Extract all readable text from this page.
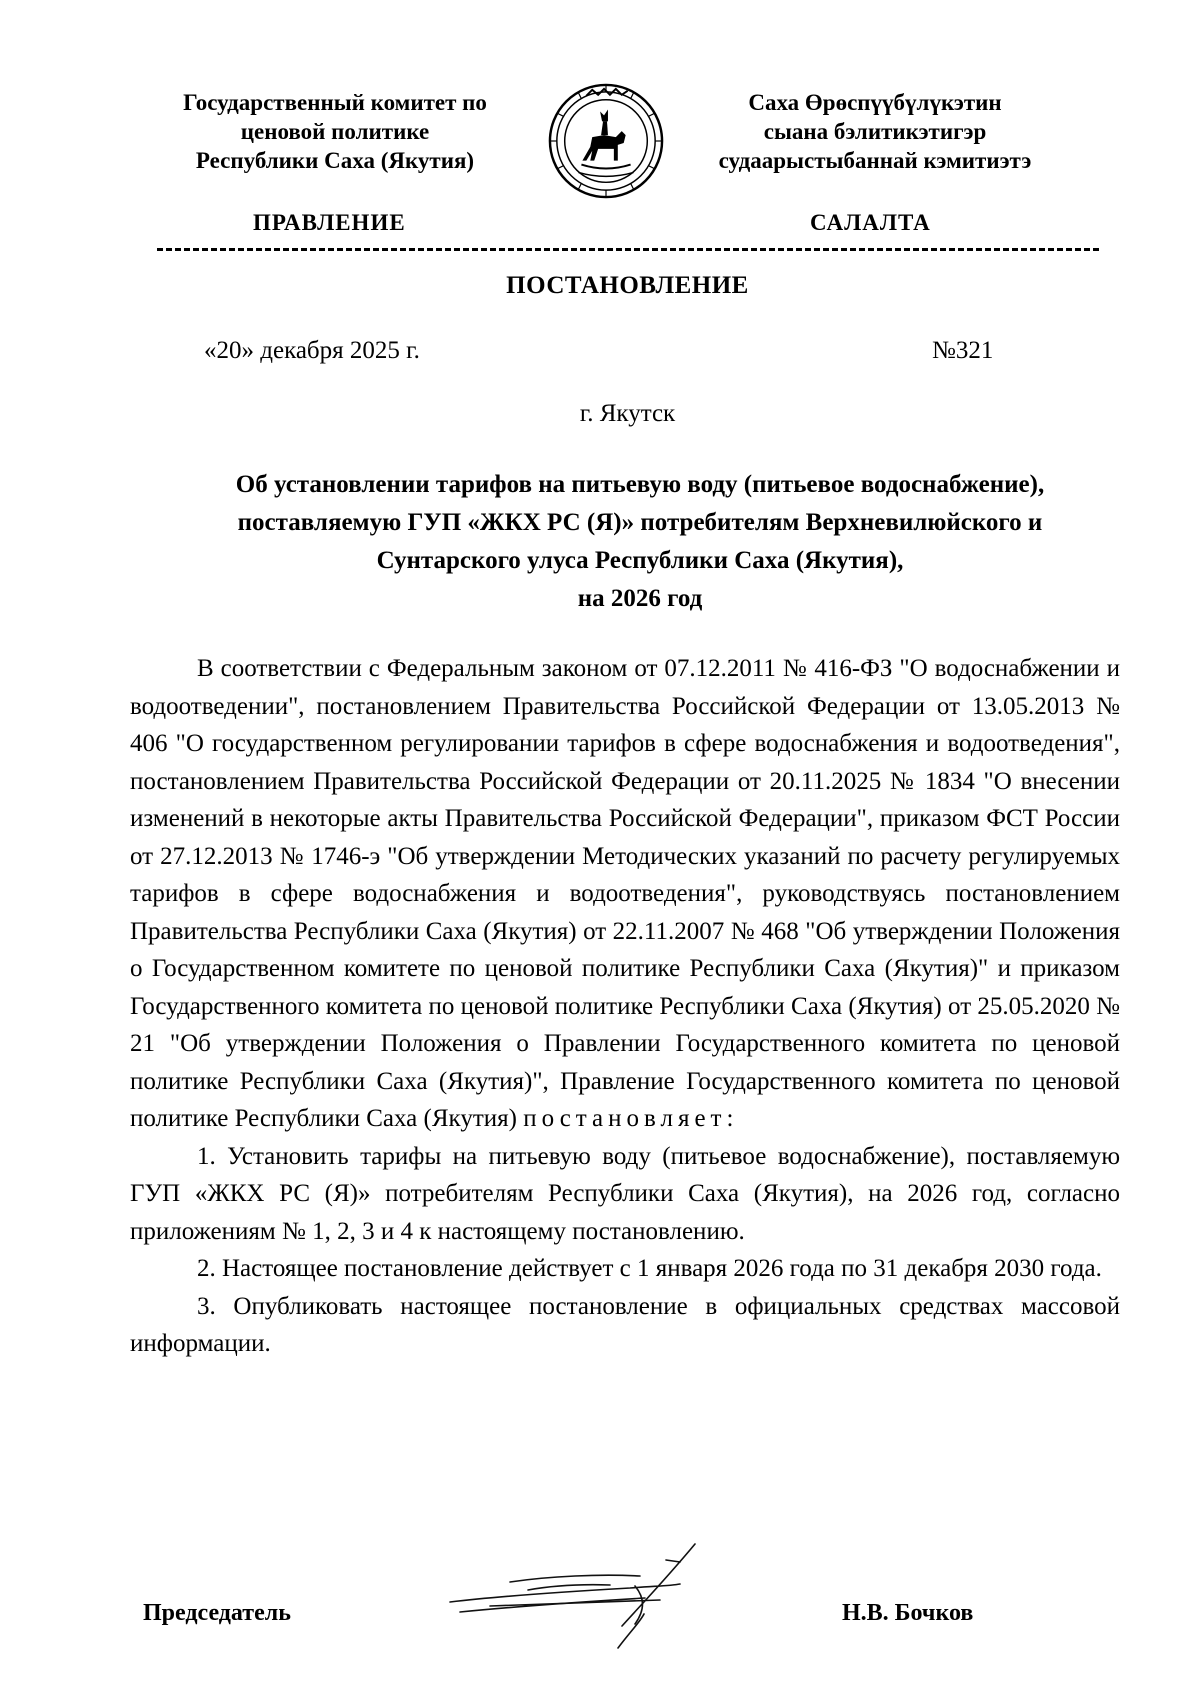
Государственный комитет по
ценовой политике
Республики Саха (Якутия)
Саха Өрөспүүбүлүкэтин
сыана бэлитикэтигэр
судаарыстыбаннай кэмитиэтэ
ПРАВЛЕНИЕ	САЛАЛТА
ПОСТАНОВЛЕНИЕ
«20» декабря 2025 г.	№321
г. Якутск
Об установлении тарифов на питьевую воду (питьевое водоснабжение),
поставляемую ГУП «ЖКХ РС (Я)» потребителям Верхневилюйского и
Сунтарского улуса Республики Саха (Якутия),
на 2026 год

В соответствии с Федеральным законом от 07.12.2011 № 416-ФЗ "О водоснабжении и водоотведении", постановлением Правительства Российской Федерации от 13.05.2013 № 406 "О государственном регулировании тарифов в сфере водоснабжения и водоотведения", постановлением Правительства Российской Федерации от 20.11.2025 № 1834 "О внесении изменений в некоторые акты Правительства Российской Федерации", приказом ФСТ России от 27.12.2013 № 1746-э "Об утверждении Методических указаний по расчету регулируемых тарифов в сфере водоснабжения и водоотведения", руководствуясь постановлением Правительства Республики Саха (Якутия) от 22.11.2007 № 468 "Об утверждении Положения о Государственном комитете по ценовой политике Республики Саха (Якутия)" и приказом Государственного комитета по ценовой политике Республики Саха (Якутия) от 25.05.2020 № 21 "Об утверждении Положения о Правлении Государственного комитета по ценовой политике Республики Саха (Якутия)", Правление Государственного комитета по ценовой политике Республики Саха (Якутия) постановляет:

1. Установить тарифы на питьевую воду (питьевое водоснабжение), поставляемую ГУП «ЖКХ РС (Я)» потребителям Республики Саха (Якутия), на 2026 год, согласно приложениям № 1, 2, 3 и 4 к настоящему постановлению.

2. Настоящее постановление действует с 1 января 2026 года по 31 декабря 2030 года.

3. Опубликовать настоящее постановление в официальных средствах массовой информации.

Председатель	Н.В. Бочков
